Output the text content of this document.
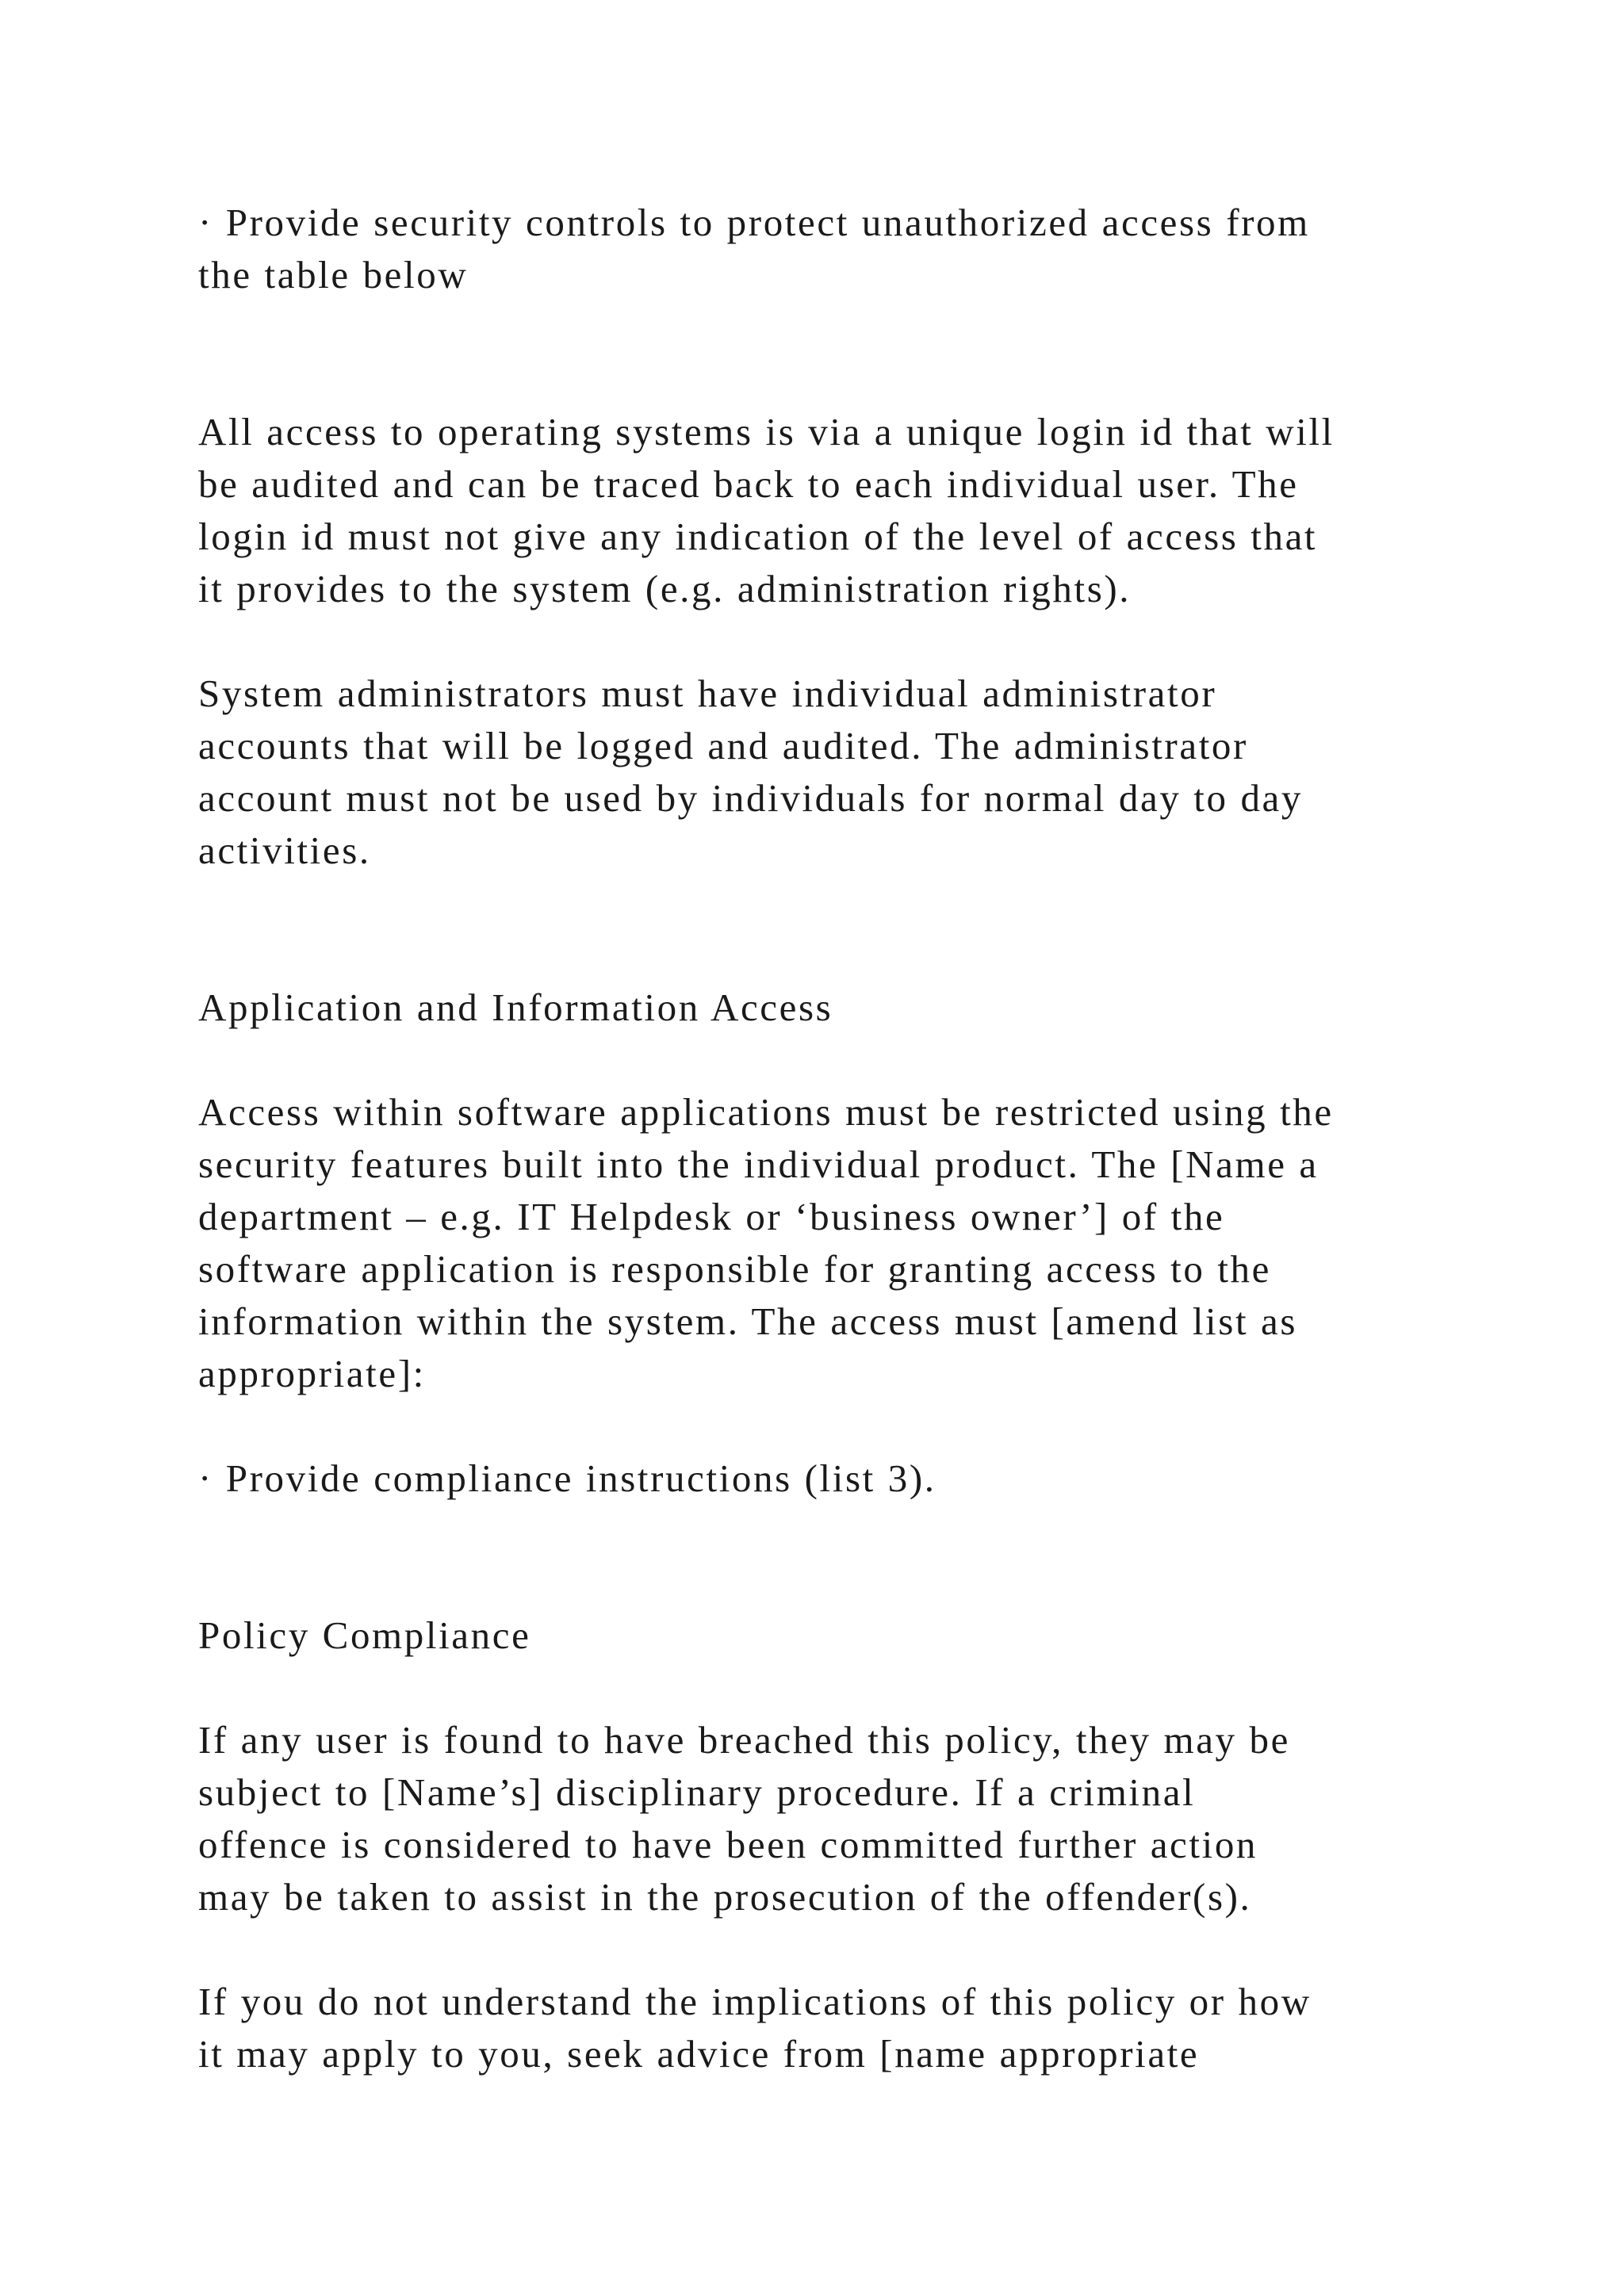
· Provide security controls to protect unauthorized access from
the table below

All access to operating systems is via a unique login id that will
be audited and can be traced back to each individual user. The
login id must not give any indication of the level of access that
it provides to the system (e.g. administration rights).

System administrators must have individual administrator
accounts that will be logged and audited. The administrator
account must not be used by individuals for normal day to day
activities.

Application and Information Access

Access within software applications must be restricted using the
security features built into the individual product. The [Name a
department – e.g. IT Helpdesk or ‘business owner’] of the
software application is responsible for granting access to the
information within the system. The access must [amend list as
appropriate]:

· Provide compliance instructions (list 3).

Policy Compliance

If any user is found to have breached this policy, they may be
subject to [Name’s] disciplinary procedure. If a criminal
offence is considered to have been committed further action
may be taken to assist in the prosecution of the offender(s).

If you do not understand the implications of this policy or how
it may apply to you, seek advice from [name appropriate
